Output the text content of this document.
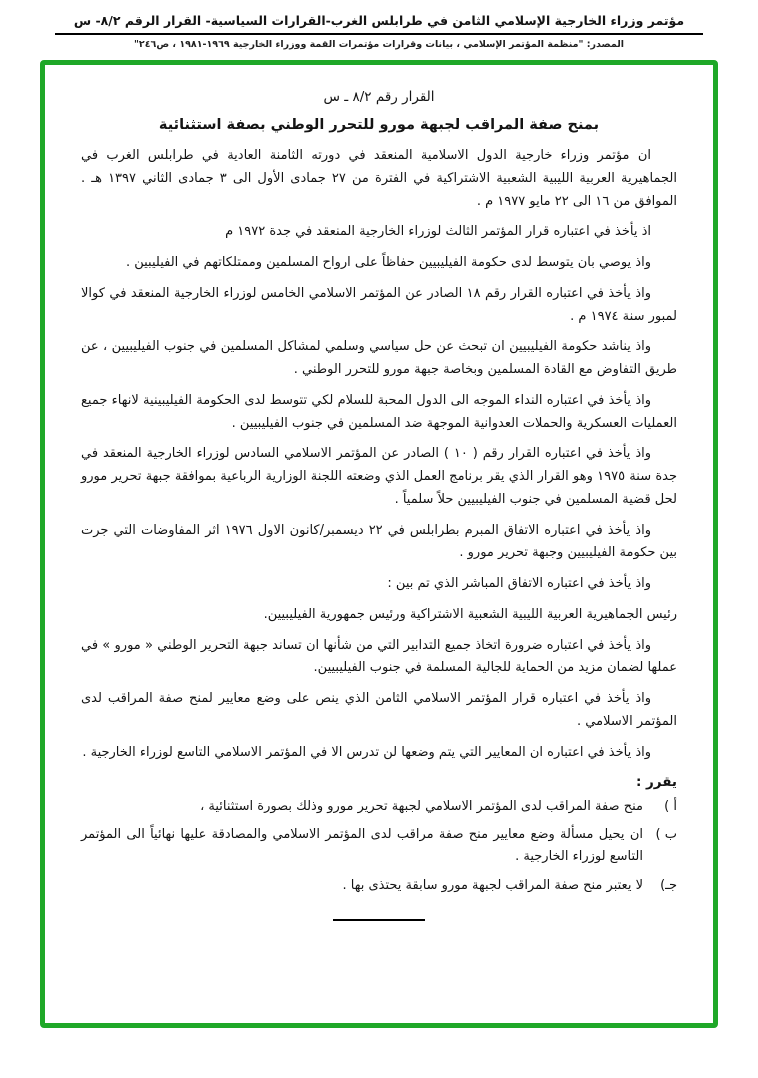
مؤتمر وزراء الخارجية الإسلامي الثامن في طرابلس الغرب-القرارات السياسية- القرار الرقم ٨/٢- س
المصدر: "منظمة المؤتمر الإسلامي ، بيانات وقرارات مؤتمرات القمة ووزراء الخارجية ١٩٦٩-١٩٨١ ، ص٢٤٦"
القرار رقم ٨/٢ ـ س
بمنح صفة المراقب لجبهة مورو للتحرر الوطني بصفة استثنائية

ان مؤتمر وزراء خارجية الدول الاسلامية المنعقد في دورته الثامنة العادية في طرابلس الغرب في الجماهيرية العربية الليبية الشعبية الاشتراكية في الفترة من ٢٧ جمادى الأول الى ٣ جمادى الثاني ١٣٩٧ هـ . الموافق من ١٦ الى ٢٢ مايو ١٩٧٧ م .

اذ يأخذ في اعتباره قرار المؤتمر الثالث لوزراء الخارجية المنعقد في جدة ١٩٧٢ م

واذ يوصي بان يتوسط لدى حكومة الفيليبيين حفاظاً على ارواح المسلمين وممتلكاتهم في الفيليبين .

واذ يأخذ في اعتباره القرار رقم ١٨ الصادر عن المؤتمر الاسلامي الخامس لوزراء الخارجية المنعقد في كوالا لمبور سنة ١٩٧٤ م .

واذ يناشد حكومة الفيليبيين ان تبحث عن حل سياسي وسلمي لمشاكل المسلمين في جنوب الفيليبيين ، عن طريق التفاوض مع القادة المسلمين وبخاصة جبهة مورو للتحرر الوطني .

واذ يأخذ في اعتباره النداء الموجه الى الدول المحبة للسلام لكي تتوسط لدى الحكومة الفيليبينية لانهاء جميع العمليات العسكرية والحملات العدوانية الموجهة ضد المسلمين في جنوب الفيليبيين .

واذ يأخذ في اعتباره القرار رقم ( ١٠ ) الصادر عن المؤتمر الاسلامي السادس لوزراء الخارجية المنعقد في جدة سنة ١٩٧٥ وهو القرار الذي يقر برنامج العمل الذي وضعته اللجنة الوزارية الرباعية بموافقة جبهة تحرير مورو لحل قضية المسلمين في جنوب الفيليبيين حلاً سلمياً .

واذ يأخذ في اعتباره الاتفاق المبرم بطرابلس في ٢٢ ديسمبر/كانون الاول ١٩٧٦ اثر المفاوضات التي جرت بين حكومة الفيليبيين وجبهة تحرير مورو .

واذ يأخذ في اعتباره الاتفاق المباشر الذي تم بين :

رئيس الجماهيرية العربية الليبية الشعبية الاشتراكية ورئيس جمهورية الفيليبيين.

واذ يأخذ في اعتباره ضرورة اتخاذ جميع التدابير التي من شأنها ان تساند جبهة التحرير الوطني « مورو » في عملها لضمان مزيد من الحماية للجالية المسلمة في جنوب الفيليبيين.

واذ يأخذ في اعتباره قرار المؤتمر الاسلامي الثامن الذي ينص على وضع معايير لمنح صفة المراقب لدى المؤتمر الاسلامي .

واذ يأخذ في اعتباره ان المعايير التي يتم وضعها لن تدرس الا في المؤتمر الاسلامي التاسع لوزراء الخارجية .

يقرر :
أ )
منح صفة المراقب لدى المؤتمر الاسلامي لجبهة تحرير مورو وذلك بصورة استثنائية ،
ب )
ان يحيل مسألة وضع معايير منح صفة مراقب لدى المؤتمر الاسلامي والمصادقة عليها نهائياً الى المؤتمر التاسع لوزراء الخارجية .
جـ)
لا يعتبر منح صفة المراقب لجبهة مورو سابقة يحتذى بها .
